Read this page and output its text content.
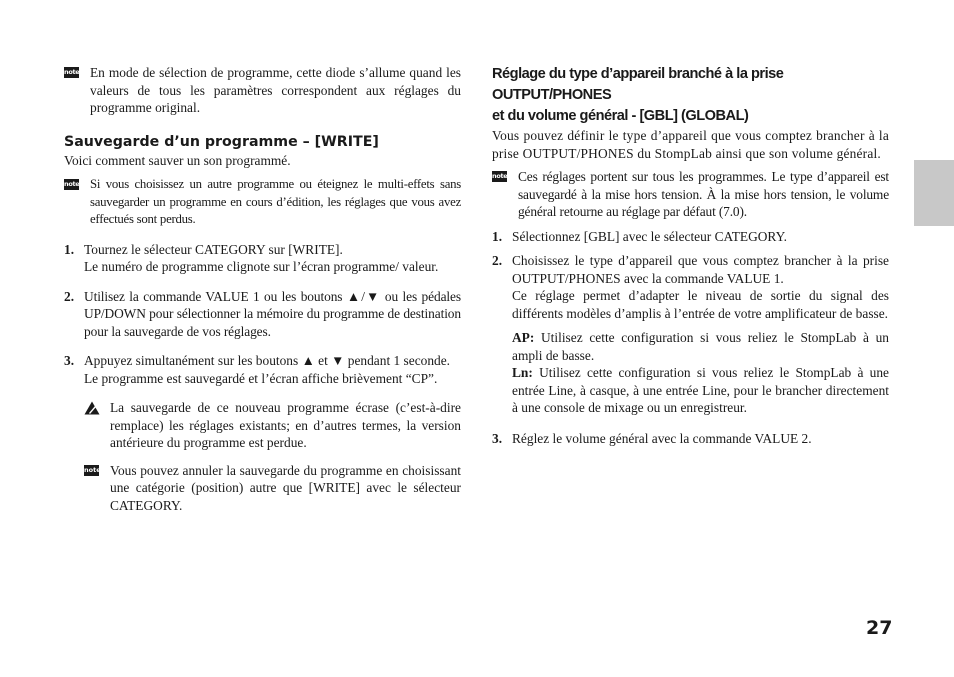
note En mode de sélection de programme, cette diode s’allume quand les valeurs de tous les paramètres correspondent aux réglages du programme original.

Sauvegarde d’un programme – [WRITE]

Voici comment sauver un son programmé.

note Si vous choisissez un autre programme ou éteignez le multi-effets sans sauvegarder un programme en cours d’édition, les réglages que vous avez effectués sont perdus.

1. Tournez le sélecteur CATEGORY sur [WRITE].

Le numéro de programme clignote sur l’écran programme/ valeur.

2. Utilisez la commande VALUE 1 ou les boutons ▲/▼ ou les pédales UP/DOWN pour sélectionner la mémoire du programme de destination pour la sauvegarde de vos réglages.

3. Appuyez simultanément sur les boutons ▲ et ▼ pendant 1 seconde.

Le programme est sauvegardé et l’écran affiche brièvement “CP”.

La sauvegarde de ce nouveau programme écrase (c’est-à-dire remplace) les réglages existants; en d’autres termes, la version antérieure du programme est perdue.

note Vous pouvez annuler la sauvegarde du programme en choisissant une catégorie (position) autre que [WRITE] avec le sélecteur CATEGORY.

Réglage du type d’appareil branché à la prise OUTPUT/PHONES

et du volume général - [GBL] (GLOBAL)

Vous pouvez définir le type d’appareil que vous comptez brancher à la prise OUTPUT/PHONES du StompLab ainsi que son volume général.

note Ces réglages portent sur tous les programmes. Le type d’appareil est sauvegardé à la mise hors tension. À la mise hors tension, le volume général retourne au réglage par défaut (7.0).

1. Sélectionnez [GBL] avec le sélecteur CATEGORY.

2. Choisissez le type d’appareil que vous comptez brancher à la prise OUTPUT/PHONES avec la commande VALUE 1.

Ce réglage permet d’adapter le niveau de sortie du signal des différents modèles d’amplis à l’entrée de votre amplificateur de basse.

AP: Utilisez cette configuration si vous reliez le StompLab à un ampli de basse.

Ln: Utilisez cette configuration si vous reliez le StompLab à une entrée Line, à casque, à une entrée Line, pour le brancher directement à une console de mixage ou un enregistreur.

3. Réglez le volume général avec la commande VALUE 2.

27
